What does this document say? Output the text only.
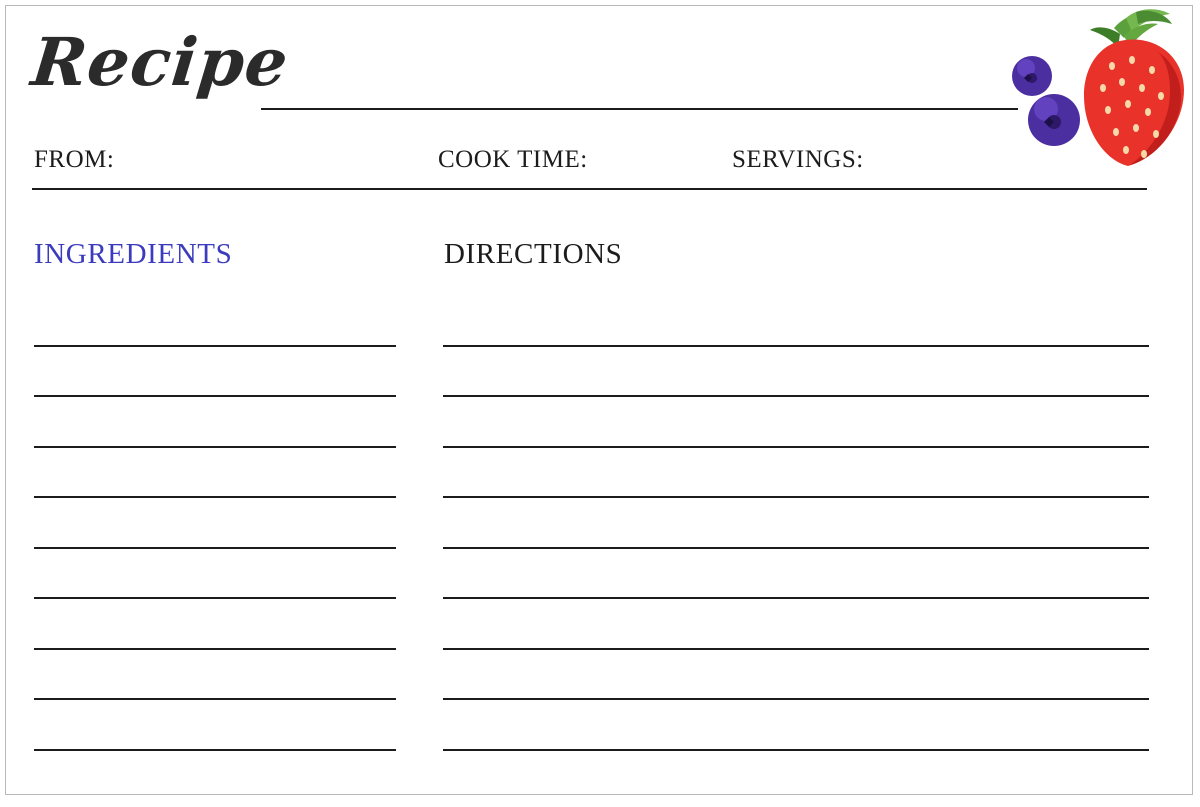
Recipe
FROM:	COOK TIME:	SERVINGS:
INGREDIENTS	DIRECTIONS
